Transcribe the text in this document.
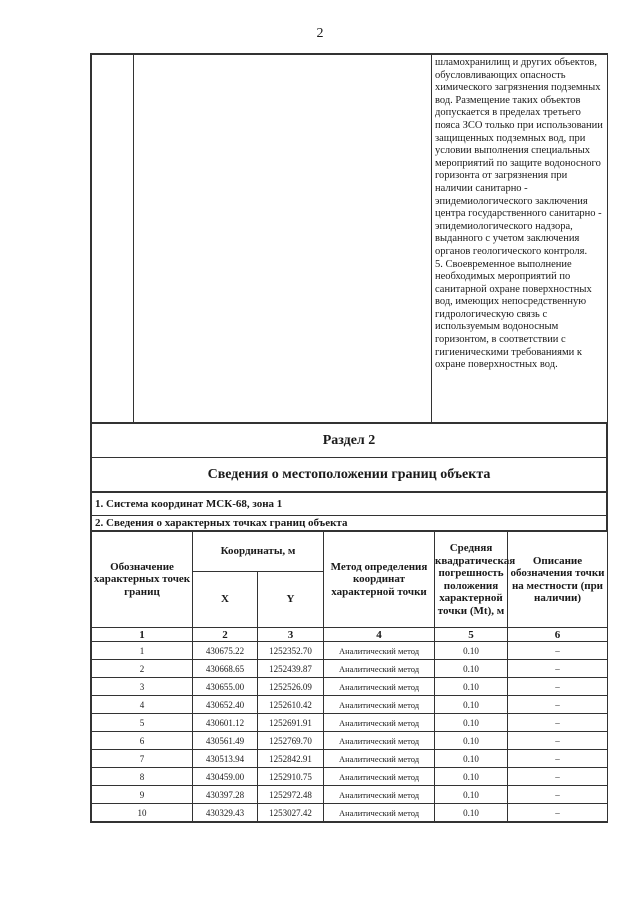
2

шламохранилищ и других объектов, обусловливающих опасность химического загрязнения подземных вод. Размещение таких объектов допускается в пределах третьего пояса ЗСО только при использовании защищенных подземных вод, при условии выполнения специальных мероприятий по защите водоносного горизонта от загрязнения при наличии санитарно - эпидемиологического заключения центра государственного санитарно - эпидемиологического надзора, выданного с учетом заключения органов геологического контроля.

5. Своевременное выполнение необходимых мероприятий по санитарной охране поверхностных вод, имеющих непосредственную гидрологическую связь с используемым водоносным горизонтом, в соответствии с гигиеническими требованиями к охране поверхностных вод.

Раздел 2
Сведения о местоположении границ объекта
1. Система координат МСК-68, зона 1
2. Сведения о характерных точках границ объекта
Обозначение характерных точек границ	Координаты, м		Метод определения координат характерной точки	Средняя квадратическая погрешность положения характерной точки (Mt), м	Описание обозначения точки на местности (при наличии)
	X	Y			
1	2	3	4	5	6
1	430675.22	1252352.70	Аналитический метод	0.10	–
2	430668.65	1252439.87	Аналитический метод	0.10	–
3	430655.00	1252526.09	Аналитический метод	0.10	–
4	430652.40	1252610.42	Аналитический метод	0.10	–
5	430601.12	1252691.91	Аналитический метод	0.10	–
6	430561.49	1252769.70	Аналитический метод	0.10	–
7	430513.94	1252842.91	Аналитический метод	0.10	–
8	430459.00	1252910.75	Аналитический метод	0.10	–
9	430397.28	1252972.48	Аналитический метод	0.10	–
10	430329.43	1253027.42	Аналитический метод	0.10	–
